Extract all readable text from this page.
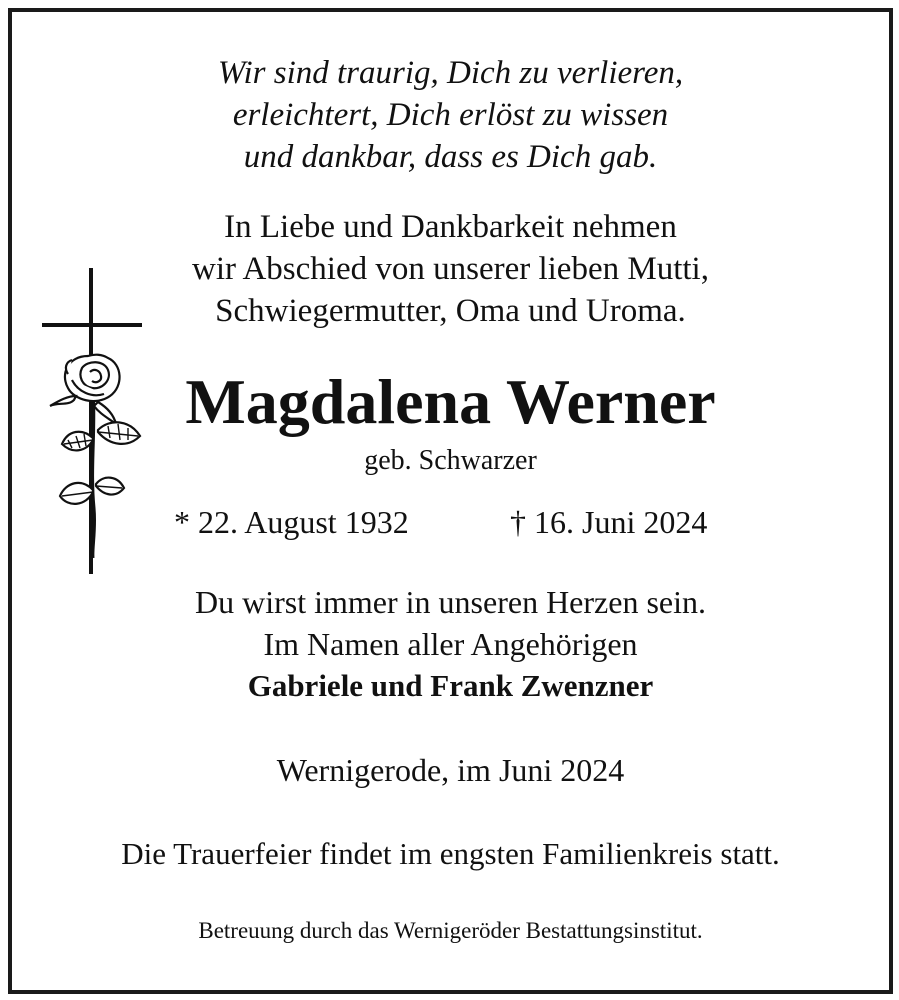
Wir sind traurig, Dich zu verlieren,
erleichtert, Dich erlöst zu wissen
und dankbar, dass es Dich gab.
In Liebe und Dankbarkeit nehmen
wir Abschied von unserer lieben Mutti,
Schwiegermutter, Oma und Uroma.
Magdalena Werner
geb. Schwarzer
* 22. August 1932	† 16. Juni 2024
Du wirst immer in unseren Herzen sein.
Im Namen aller Angehörigen
Gabriele und Frank Zwenzner
Wernigerode, im Juni 2024
Die Trauerfeier findet im engsten Familienkreis statt.
Betreuung durch das Wernigeröder Bestattungsinstitut.
